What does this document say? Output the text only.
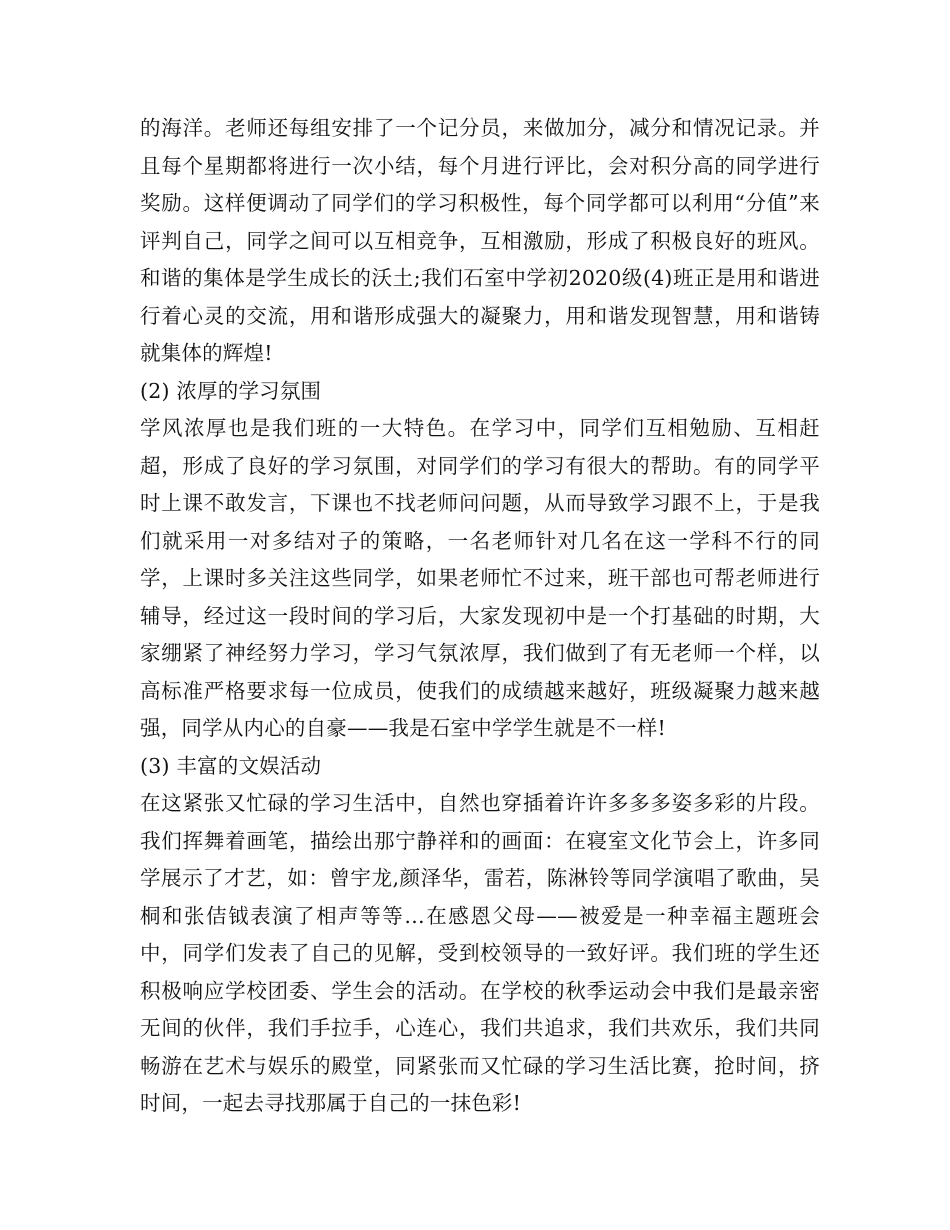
的海洋。老师还每组安排了一个记分员，来做加分，减分和情况记录。并且每个星期都将进行一次小结，每个月进行评比，会对积分高的同学进行奖励。这样便调动了同学们的学习积极性，每个同学都可以利用“分值”来评判自己，同学之间可以互相竞争，互相激励，形成了积极良好的班风。和谐的集体是学生成长的沃土;我们石室中学初2020级(4)班正是用和谐进行着心灵的交流，用和谐形成强大的凝聚力，用和谐发现智慧，用和谐铸就集体的辉煌!

(2) 浓厚的学习氛围

学风浓厚也是我们班的一大特色。在学习中，同学们互相勉励、互相赶超，形成了良好的学习氛围，对同学们的学习有很大的帮助。有的同学平时上课不敢发言，下课也不找老师问问题，从而导致学习跟不上，于是我们就采用一对多结对子的策略，一名老师针对几名在这一学科不行的同学，上课时多关注这些同学，如果老师忙不过来，班干部也可帮老师进行辅导，经过这一段时间的学习后，大家发现初中是一个打基础的时期，大家绷紧了神经努力学习，学习气氛浓厚，我们做到了有无老师一个样，以高标准严格要求每一位成员，使我们的成绩越来越好，班级凝聚力越来越强，同学从内心的自豪——我是石室中学学生就是不一样!

(3) 丰富的文娱活动

在这紧张又忙碌的学习生活中，自然也穿插着许许多多多姿多彩的片段。我们挥舞着画笔，描绘出那宁静祥和的画面：在寝室文化节会上，许多同学展示了才艺，如：曾宇龙,颜泽华，雷若，陈淋铃等同学演唱了歌曲，吴桐和张佶钺表演了相声等等…在感恩父母——被爱是一种幸福主题班会中，同学们发表了自己的见解，受到校领导的一致好评。我们班的学生还积极响应学校团委、学生会的活动。在学校的秋季运动会中我们是最亲密无间的伙伴，我们手拉手，心连心，我们共追求，我们共欢乐，我们共同畅游在艺术与娱乐的殿堂，同紧张而又忙碌的学习生活比赛，抢时间，挤时间，一起去寻找那属于自己的一抹色彩!
